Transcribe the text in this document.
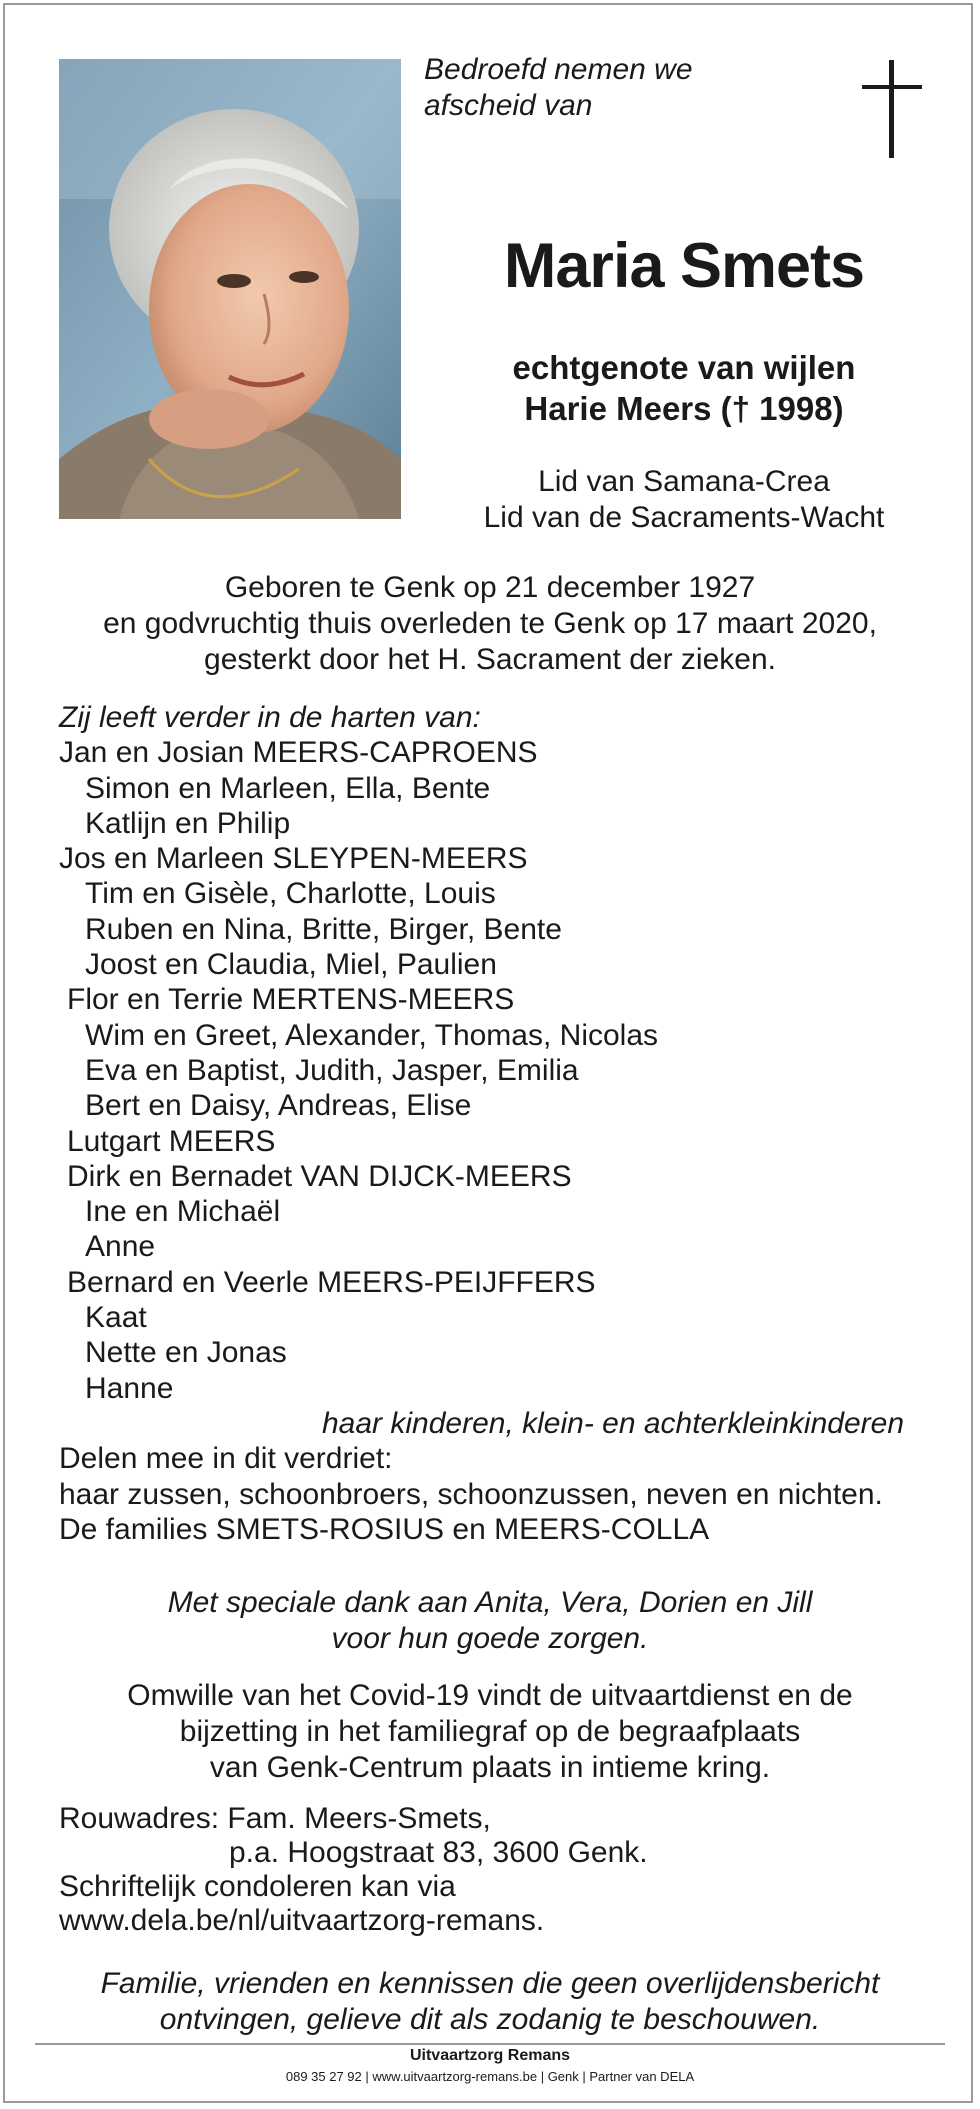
Bedroefd nemen we
afscheid van
Maria Smets
echtgenote van wijlen
Harie Meers († 1998)
Lid van Samana-Crea
Lid van de Sacraments-Wacht
Geboren te Genk op 21 december 1927
en godvruchtig thuis overleden te Genk op 17 maart 2020,
gesterkt door het H. Sacrament der zieken.
Zij leeft verder in de harten van:
Jan en Josian MEERS-CAPROENS
Simon en Marleen, Ella, Bente
Katlijn en Philip
Jos en Marleen SLEYPEN-MEERS
Tim en Gisèle, Charlotte, Louis
Ruben en Nina, Britte, Birger, Bente
Joost en Claudia, Miel, Paulien
Flor en Terrie MERTENS-MEERS
Wim en Greet, Alexander, Thomas, Nicolas
Eva en Baptist, Judith, Jasper, Emilia
Bert en Daisy, Andreas, Elise
Lutgart MEERS
Dirk en Bernadet VAN DIJCK-MEERS
Ine en Michaël
Anne
Bernard en Veerle MEERS-PEIJFFERS
Kaat
Nette en Jonas
Hanne
haar kinderen, klein- en achterkleinkinderen
Delen mee in dit verdriet:
haar zussen, schoonbroers, schoonzussen, neven en nichten.
De families SMETS-ROSIUS en MEERS-COLLA
Met speciale dank aan Anita, Vera, Dorien en Jill
voor hun goede zorgen.
Omwille van het Covid-19 vindt de uitvaartdienst en de
bijzetting in het familiegraf op de begraafplaats
van Genk-Centrum plaats in intieme kring.
Rouwadres: Fam. Meers-Smets,
p.a. Hoogstraat 83, 3600 Genk.
Schriftelijk condoleren kan via
www.dela.be/nl/uitvaartzorg-remans.
Familie, vrienden en kennissen die geen overlijdensbericht
ontvingen, gelieve dit als zodanig te beschouwen.
Uitvaartzorg Remans
089 35 27 92 | www.uitvaartzorg-remans.be | Genk | Partner van DELA
